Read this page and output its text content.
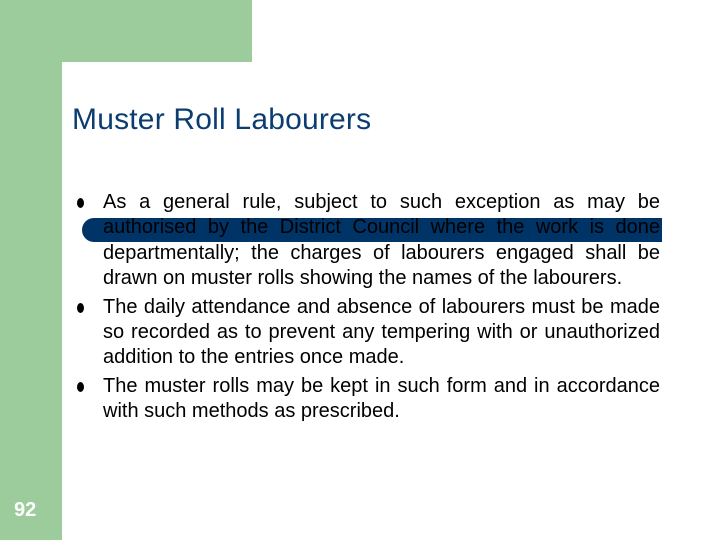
Muster Roll Labourers
As a general rule, subject to such exception as may be authorised by the District Council where the work is done departmentally; the charges of labourers engaged shall be drawn on muster rolls showing the names of the labourers.
The daily attendance and absence of labourers must be made so recorded as to prevent any tempering with or unauthorized addition to the entries once made.
The muster rolls may be kept in such form and in accordance with such methods as prescribed.
92
